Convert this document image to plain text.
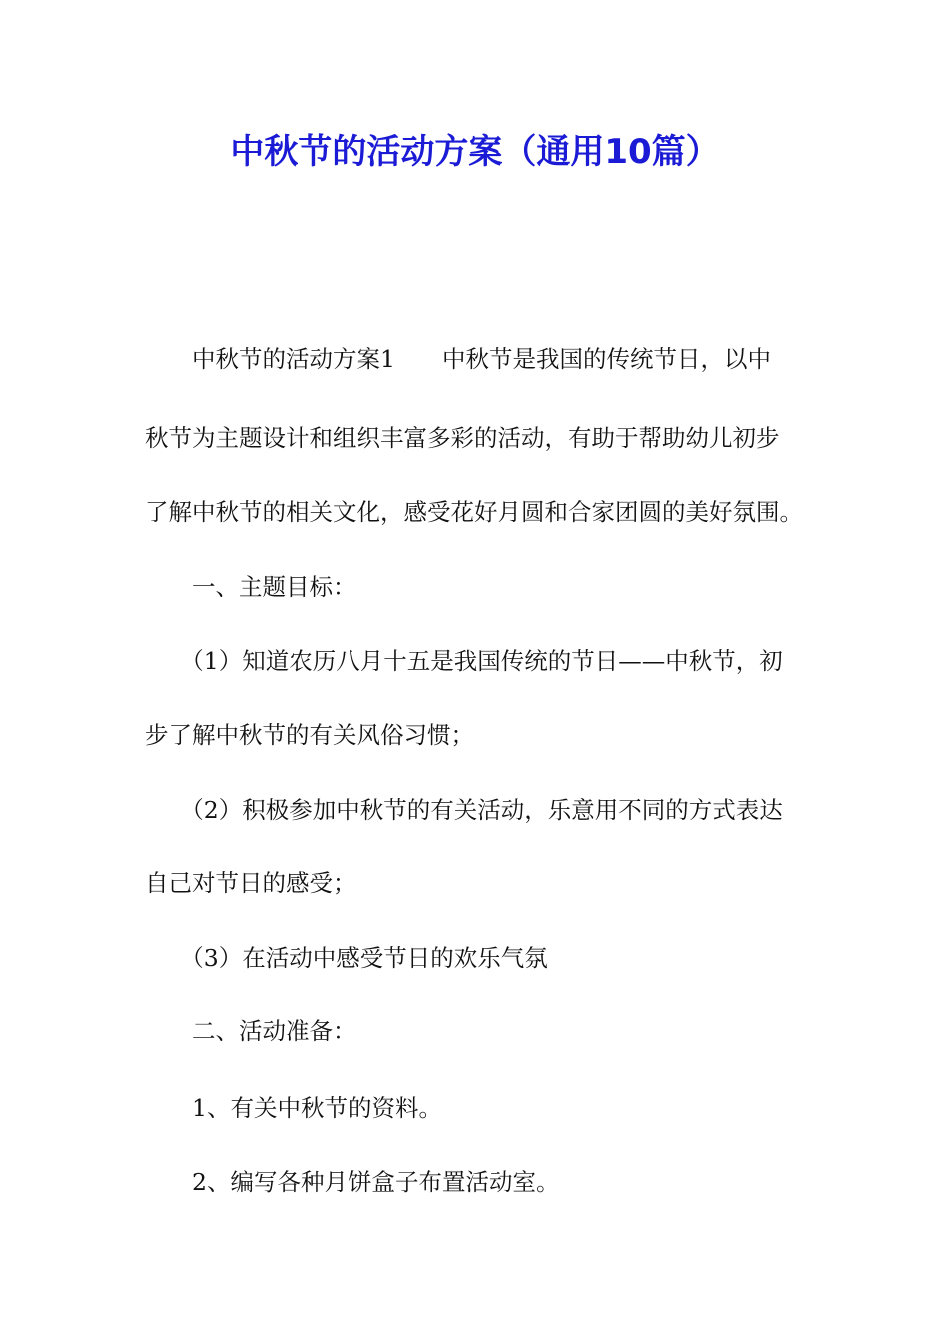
中秋节的活动方案（通用10篇）
　　中秋节的活动方案1　　中秋节是我国的传统节日，以中
秋节为主题设计和组织丰富多彩的活动，有助于帮助幼儿初步
了解中秋节的相关文化，感受花好月圆和合家团圆的美好氛围。
　　一、主题目标：
　　（1）知道农历八月十五是我国传统的节日——中秋节，初
步了解中秋节的有关风俗习惯；
　　（2）积极参加中秋节的有关活动，乐意用不同的方式表达
自己对节日的感受；
　　（3）在活动中感受节日的欢乐气氛
　　二、活动准备：
　　1、有关中秋节的资料。
　　2、编写各种月饼盒子布置活动室。
